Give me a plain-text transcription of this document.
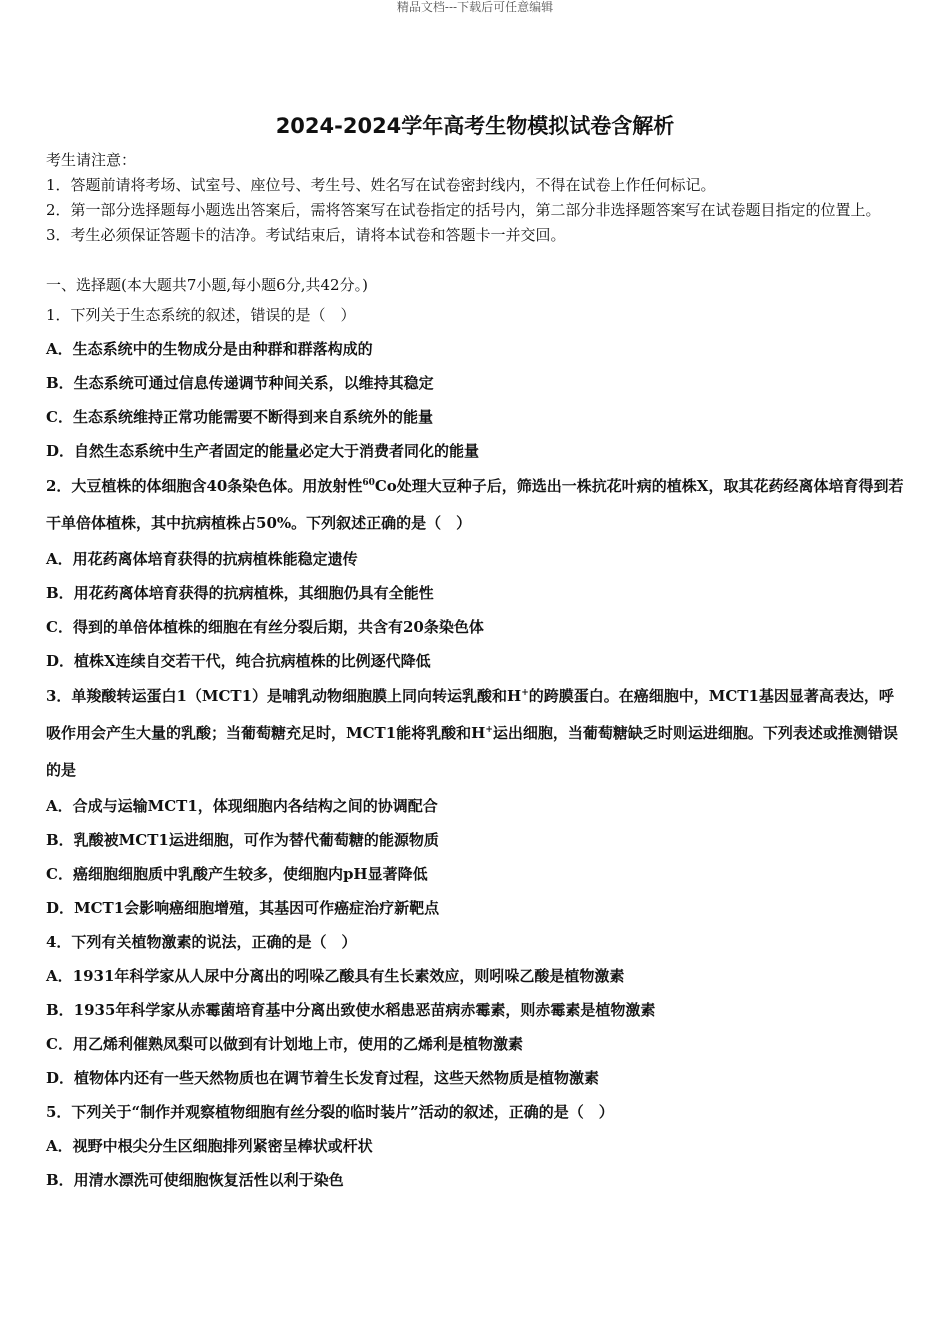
精品文档---下载后可任意编辑
2024-2024学年高考生物模拟试卷含解析
考生请注意：
1．答题前请将考场、试室号、座位号、考生号、姓名写在试卷密封线内，不得在试卷上作任何标记。
2．第一部分选择题每小题选出答案后，需将答案写在试卷指定的括号内，第二部分非选择题答案写在试卷题目指定的位置上。
3．考生必须保证答题卡的洁净。考试结束后，请将本试卷和答题卡一并交回。
一、选择题(本大题共7小题,每小题6分,共42分。)
1．下列关于生态系统的叙述，错误的是（　）
A．生态系统中的生物成分是由种群和群落构成的
B．生态系统可通过信息传递调节种间关系，以维持其稳定
C．生态系统维持正常功能需要不断得到来自系统外的能量
D．自然生态系统中生产者固定的能量必定大于消费者同化的能量
2．大豆植株的体细胞含40条染色体。用放射性$^{60}$Co处理大豆种子后，筛选出一株抗花叶病的植株X，取其花药经离体培育得到若干单倍体植株，其中抗病植株占50%。下列叙述正确的是（　）
A．用花药离体培育获得的抗病植株能稳定遗传
B．用花药离体培育获得的抗病植株，其细胞仍具有全能性
C．得到的单倍体植株的细胞在有丝分裂后期，共含有20条染色体
D．植株X连续自交若干代，纯合抗病植株的比例逐代降低
3．单羧酸转运蛋白1（MCT1）是哺乳动物细胞膜上同向转运乳酸和H+的跨膜蛋白。在癌细胞中，MCT1基因显著高表达，呼吸作用会产生大量的乳酸；当葡萄糖充足时，MCT1能将乳酸和H+运出细胞，当葡萄糖缺乏时则运进细胞。下列表述或推测错误的是
A．合成与运输MCT1，体现细胞内各结构之间的协调配合
B．乳酸被MCT1运进细胞，可作为替代葡萄糖的能源物质
C．癌细胞细胞质中乳酸产生较多，使细胞内pH显著降低
D．MCT1会影响癌细胞增殖，其基因可作癌症治疗新靶点
4．下列有关植物激素的说法，正确的是（　）
A．1931年科学家从人尿中分离出的吲哚乙酸具有生长素效应，则吲哚乙酸是植物激素
B．1935年科学家从赤霉菌培育基中分离出致使水稻患恶苗病赤霉素，则赤霉素是植物激素
C．用乙烯利催熟凤梨可以做到有计划地上市，使用的乙烯利是植物激素
D．植物体内还有一些天然物质也在调节着生长发育过程，这些天然物质是植物激素
5．下列关于“制作并观察植物细胞有丝分裂的临时装片”活动的叙述，正确的是（　）
A．视野中根尖分生区细胞排列紧密呈棒状或杆状
B．用清水漂洗可使细胞恢复活性以利于染色
